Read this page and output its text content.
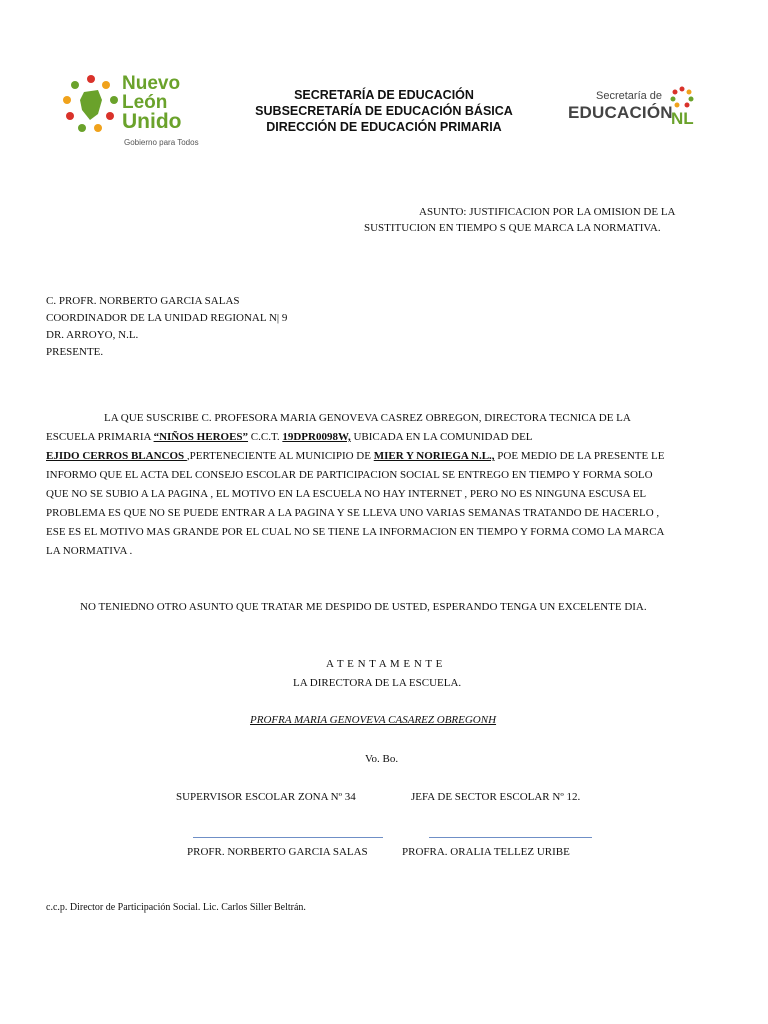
Nuevo
León
Unido
Gobierno para Todos
SECRETARÍA DE EDUCACIÓN
SUBSECRETARÍA DE EDUCACIÓN BÁSICA
DIRECCIÓN DE EDUCACIÓN PRIMARIA
Secretaría de
EDUCACIÓN
NL
ASUNTO: JUSTIFICACION POR LA OMISION DE LA
SUSTITUCION EN TIEMPO S QUE MARCA LA NORMATIVA.
C. PROFR. NORBERTO GARCIA SALAS
COORDINADOR DE LA UNIDAD REGIONAL N| 9
DR. ARROYO, N.L.
PRESENTE.
LA QUE SUSCRIBE C. PROFESORA MARIA GENOVEVA CASREZ OBREGON, DIRECTORA TECNICA DE LA
ESCUELA PRIMARIA “NIÑOS HEROES” C.C.T. 19DPR0098W, UBICADA EN LA COMUNIDAD DEL
EJIDO CERROS BLANCOS ,PERTENECIENTE AL MUNICIPIO DE MIER Y NORIEGA N.L., POE MEDIO DE LA PRESENTE LE
INFORMO QUE EL ACTA DEL CONSEJO ESCOLAR DE PARTICIPACION SOCIAL SE ENTREGO EN TIEMPO Y FORMA SOLO
QUE NO SE SUBIO A LA PAGINA , EL MOTIVO EN LA ESCUELA NO HAY INTERNET , PERO NO ES NINGUNA ESCUSA EL
PROBLEMA ES QUE NO SE PUEDE ENTRAR A LA PAGINA Y SE LLEVA UNO VARIAS SEMANAS TRATANDO DE HACERLO ,
ESE ES EL MOTIVO MAS GRANDE POR EL CUAL NO SE TIENE LA INFORMACION EN TIEMPO Y FORMA COMO LA MARCA
LA NORMATIVA .
NO TENIEDNO OTRO ASUNTO QUE TRATAR ME DESPIDO DE USTED, ESPERANDO TENGA UN EXCELENTE DIA.
A T E N T A M E N T E
LA DIRECTORA DE LA ESCUELA.
PROFRA MARIA GENOVEVA CASAREZ OBREGONH
Vo. Bo.
SUPERVISOR ESCOLAR ZONA Nº 34	JEFA DE SECTOR ESCOLAR Nº 12.
PROFR. NORBERTO GARCIA SALAS	PROFRA. ORALIA TELLEZ URIBE
c.c.p. Director de Participación Social. Lic. Carlos Siller Beltrán.
